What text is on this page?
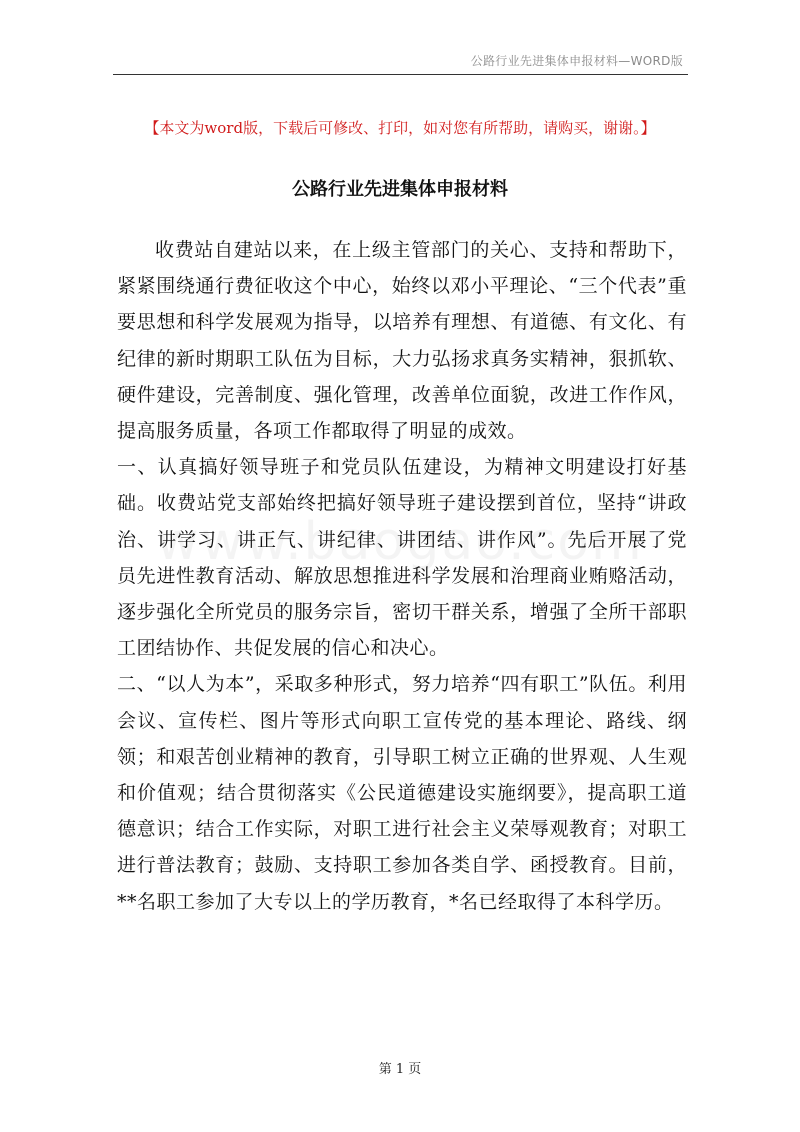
公路行业先进集体申报材料—WORD版
【本文为word版，下载后可修改、打印，如对您有所帮助，请购买，谢谢。】
公路行业先进集体申报材料

收费站自建站以来，在上级主管部门的关心、支持和帮助下，紧紧围绕通行费征收这个中心，始终以邓小平理论、“三个代表”重要思想和科学发展观为指导，以培养有理想、有道德、有文化、有纪律的新时期职工队伍为目标，大力弘扬求真务实精神，狠抓软、硬件建设，完善制度、强化管理，改善单位面貌，改进工作作风，提高服务质量，各项工作都取得了明显的成效。

一、认真搞好领导班子和党员队伍建设，为精神文明建设打好基础。收费站党支部始终把搞好领导班子建设摆到首位，坚持“讲政治、讲学习、讲正气、讲纪律、讲团结、讲作风”。先后开展了党员先进性教育活动、解放思想推进科学发展和治理商业贿赂活动，逐步强化全所党员的服务宗旨，密切干群关系，增强了全所干部职工团结协作、共促发展的信心和决心。

二、“以人为本”，采取多种形式，努力培养“四有职工”队伍。利用会议、宣传栏、图片等形式向职工宣传党的基本理论、路线、纲领；和艰苦创业精神的教育，引导职工树立正确的世界观、人生观和价值观；结合贯彻落实《公民道德建设实施纲要》，提高职工道德意识；结合工作实际，对职工进行社会主义荣辱观教育；对职工进行普法教育；鼓励、支持职工参加各类自学、函授教育。目前，**名职工参加了大专以上的学历教育，*名已经取得了本科学历。

第 1 页
